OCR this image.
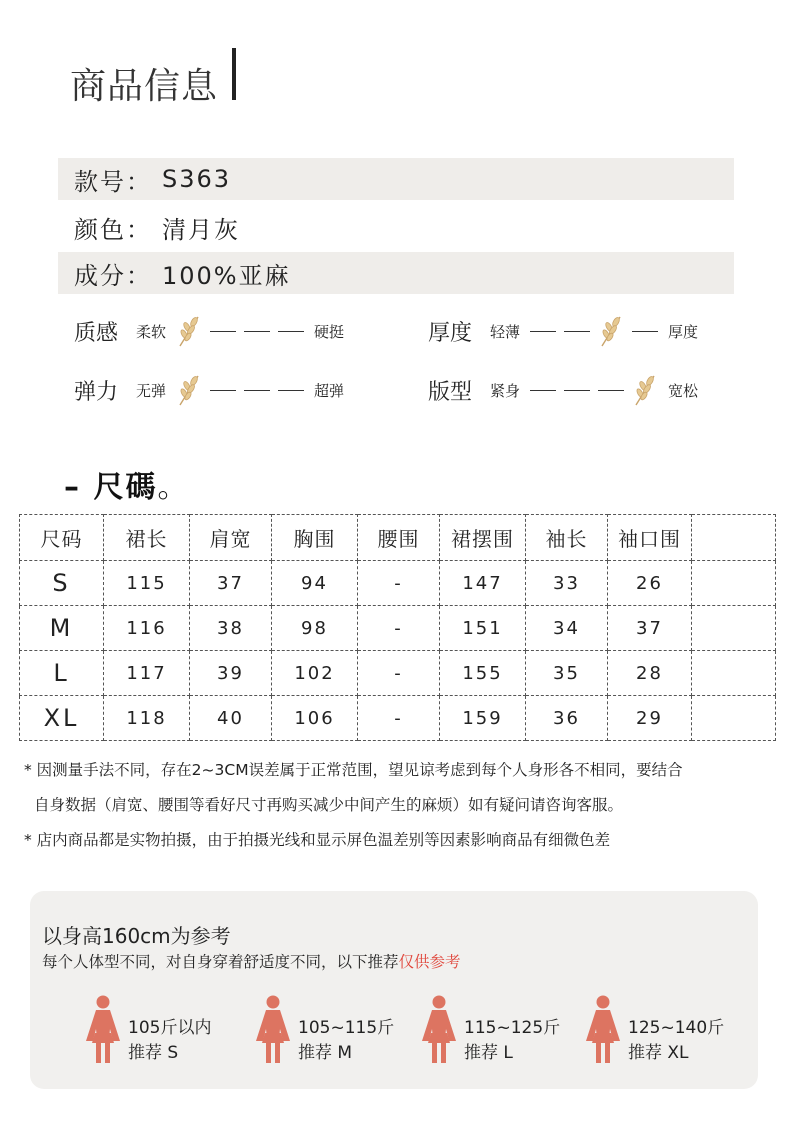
商品信息
款号： S363
颜色： 清月灰
成分： 100%亚麻
质感 柔软	硬挺	厚度 轻薄	厚度
弹力 无弹	超弹	版型 紧身	宽松
– 尺碼。
尺码	裙长	肩宽	胸围	腰围	裙摆围	袖长	袖口围	
S	115	37	94	-	147	33	26	
M	116	38	98	-	151	34	37	
L	117	39	102	-	155	35	28	
XL	118	40	106	-	159	36	29	
* 因测量手法不同，存在2~3CM误差属于正常范围，望见谅考虑到每个人身形各不相同，要结合
自身数据（肩宽、腰围等看好尺寸再购买减少中间产生的麻烦）如有疑问请咨询客服。
* 店内商品都是实物拍摄，由于拍摄光线和显示屏色温差别等因素影响商品有细微色差
以身高160cm为参考
每个人体型不同，对自身穿着舒适度不同，以下推荐仅供参考
105斤以内
推荐 S
105~115斤
推荐 M
115~125斤
推荐 L
125~140斤
推荐 XL
